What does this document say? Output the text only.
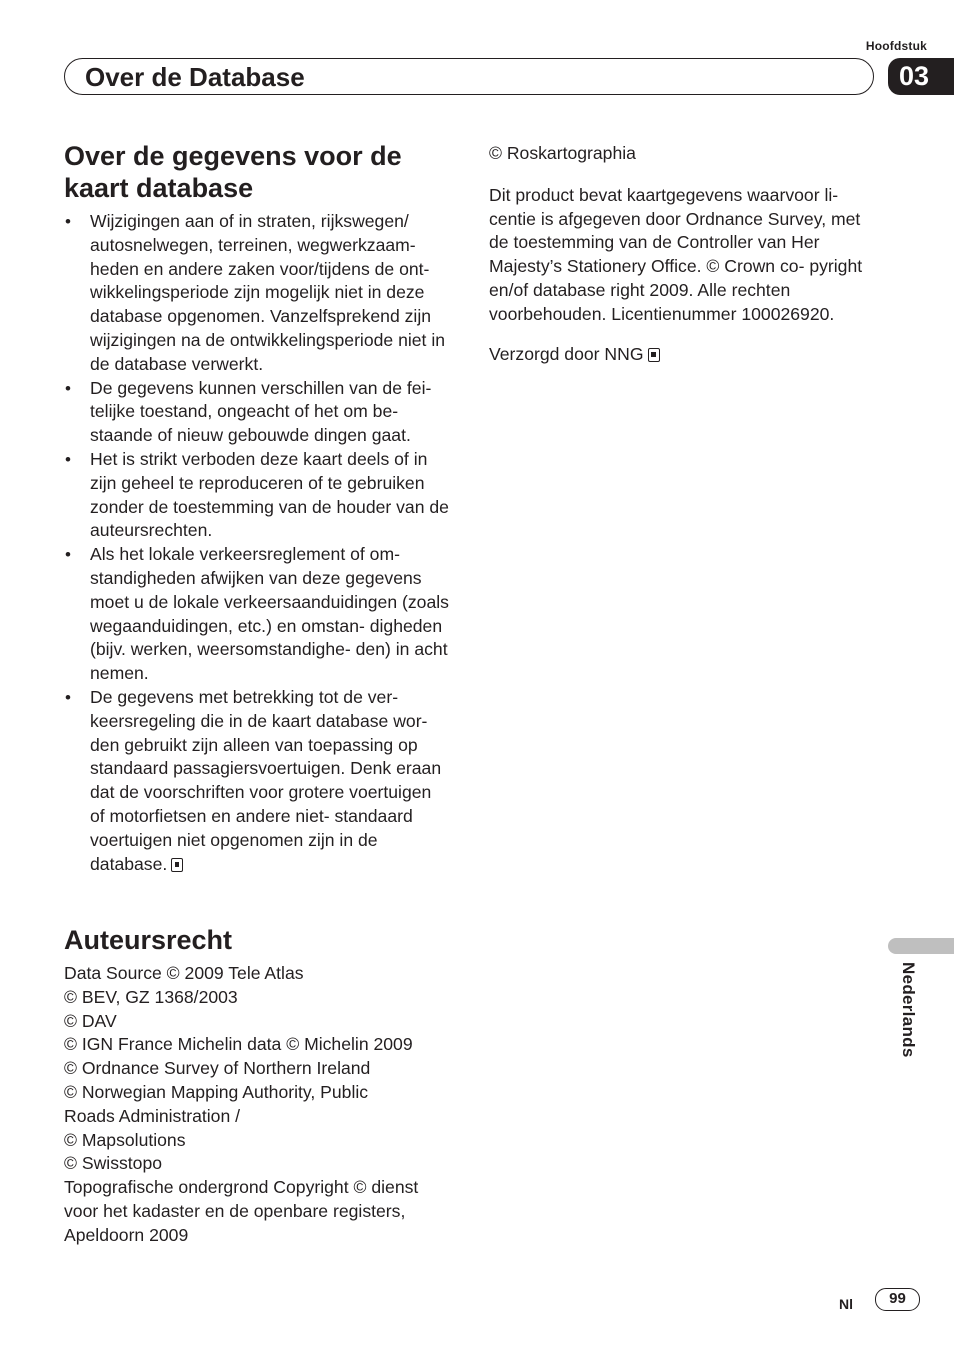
Hoofdstuk
Over de Database	03
Over de gegevens voor de
kaart database
• Wijzigingen aan of in straten, rijkswegen/ autosnelwegen, terreinen, wegwerkzaam- heden en andere zaken voor/tijdens de ont- wikkelingsperiode zijn mogelijk niet in deze database opgenomen. Vanzelfsprekend zijn wijzigingen na de ontwikkelingsperiode niet in de database verwerkt.
• De gegevens kunnen verschillen van de fei- telijke toestand, ongeacht of het om be- staande of nieuw gebouwde dingen gaat.
• Het is strikt verboden deze kaart deels of in zijn geheel te reproduceren of te gebruiken zonder de toestemming van de houder van de auteursrechten.
• Als het lokale verkeersreglement of om- standigheden afwijken van deze gegevens moet u de lokale verkeersaanduidingen (zoals wegaanduidingen, etc.) en omstan- digheden (bijv. werken, weersomstandighe- den) in acht nemen.
• De gegevens met betrekking tot de ver- keersregeling die in de kaart database wor- den gebruikt zijn alleen van toepassing op standaard passagiersvoertuigen. Denk eraan dat de voorschriften voor grotere voertuigen of motorfietsen en andere niet- standaard voertuigen niet opgenomen zijn in de database.
Auteursrecht
Data Source © 2009 Tele Atlas
© BEV, GZ 1368/2003
© DAV
© IGN France Michelin data © Michelin 2009
© Ordnance Survey of Northern Ireland
© Norwegian Mapping Authority, Public
Roads Administration /
© Mapsolutions
© Swisstopo
Topografische ondergrond Copyright © dienst
voor het kadaster en de openbare registers,
Apeldoorn 2009

© Roskartographia

Dit product bevat kaartgegevens waarvoor li- centie is afgegeven door Ordnance Survey, met de toestemming van de Controller van Her Majesty’s Stationery Office. © Crown co- pyright en/of database right 2009. Alle rechten voorbehouden. Licentienummer 100026920.

Verzorgd door NNG

Nederlands
Nl	99
